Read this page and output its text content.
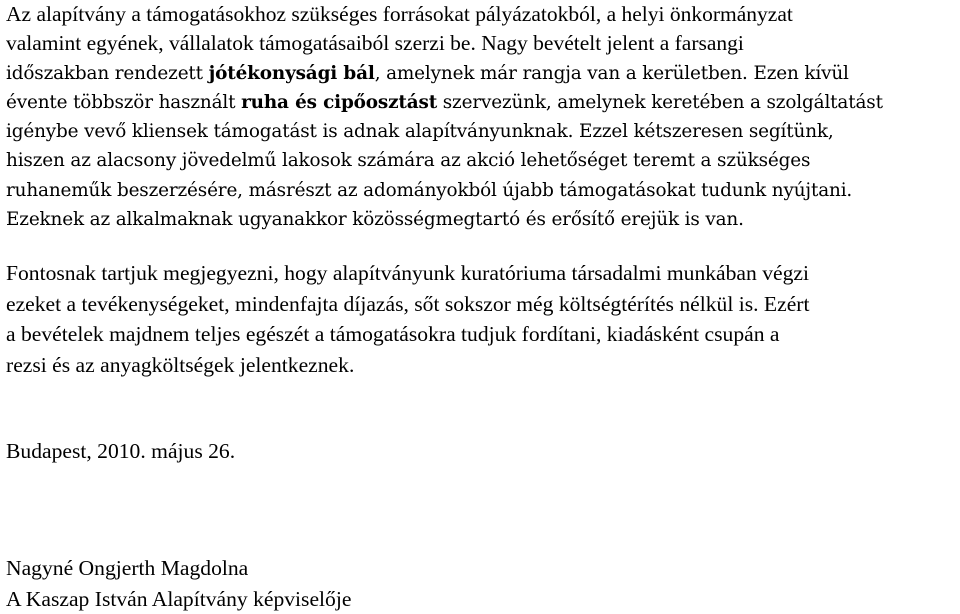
Az alapítvány a támogatásokhoz szükséges forrásokat pályázatokból, a helyi önkormányzat
valamint egyének, vállalatok támogatásaiból szerzi be. Nagy bevételt jelent a farsangi
időszakban rendezett jótékonysági bál, amelynek már rangja van a kerületben. Ezen kívül
évente többször használt ruha és cipőosztást szervezünk, amelynek keretében a szolgáltatást
igénybe vevő kliensek támogatást is adnak alapítványunknak. Ezzel kétszeresen segítünk,
hiszen az alacsony jövedelmű lakosok számára az akció lehetőséget teremt a szükséges
ruhaneműk beszerzésére, másrészt az adományokból újabb támogatásokat tudunk nyújtani.
Ezeknek az alkalmaknak ugyanakkor közösségmegtartó és erősítő erejük is van.

Fontosnak tartjuk megjegyezni, hogy alapítványunk kuratóriuma társadalmi munkában végzi
ezeket a tevékenységeket, mindenfajta díjazás, sőt sokszor még költségtérítés nélkül is. Ezért
a bevételek majdnem teljes egészét a támogatásokra tudjuk fordítani, kiadásként csupán a
rezsi és az anyagköltségek jelentkeznek.

Budapest, 2010. május 26.

Nagyné Ongjerth Magdolna
A Kaszap István Alapítvány képviselője
